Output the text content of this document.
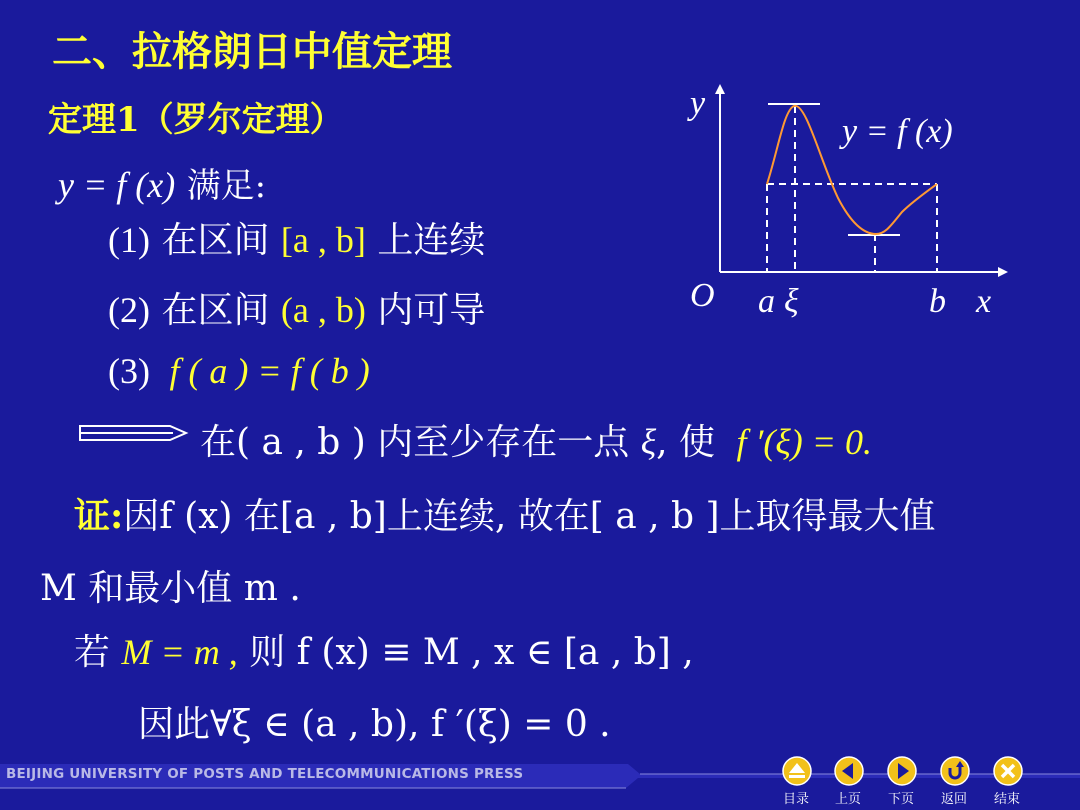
二、拉格朗日中值定理
定理1（罗尔定理）
y = f (x) 满足:
(1) 在区间 [a , b] 上连续
(2) 在区间 (a , b) 内可导
(3) f ( a ) = f ( b )
在( a , b ) 内至少存在一点 ξ, 使 f ′(ξ) = 0.
证:因f (x) 在[a , b]上连续, 故在[ a , b ]上取得最大值
M 和最小值 m .
若 M = m , 则 f (x) ≡ M , x ∈ [a , b] ,
因此∀ξ ∈ (a , b), f ′(ξ) = 0 .
y
x
O a ξ	b
y = f (x)
BEIJING UNIVERSITY OF POSTS AND TELECOMMUNICATIONS PRESS
目录 上页 下页 返回 结束
